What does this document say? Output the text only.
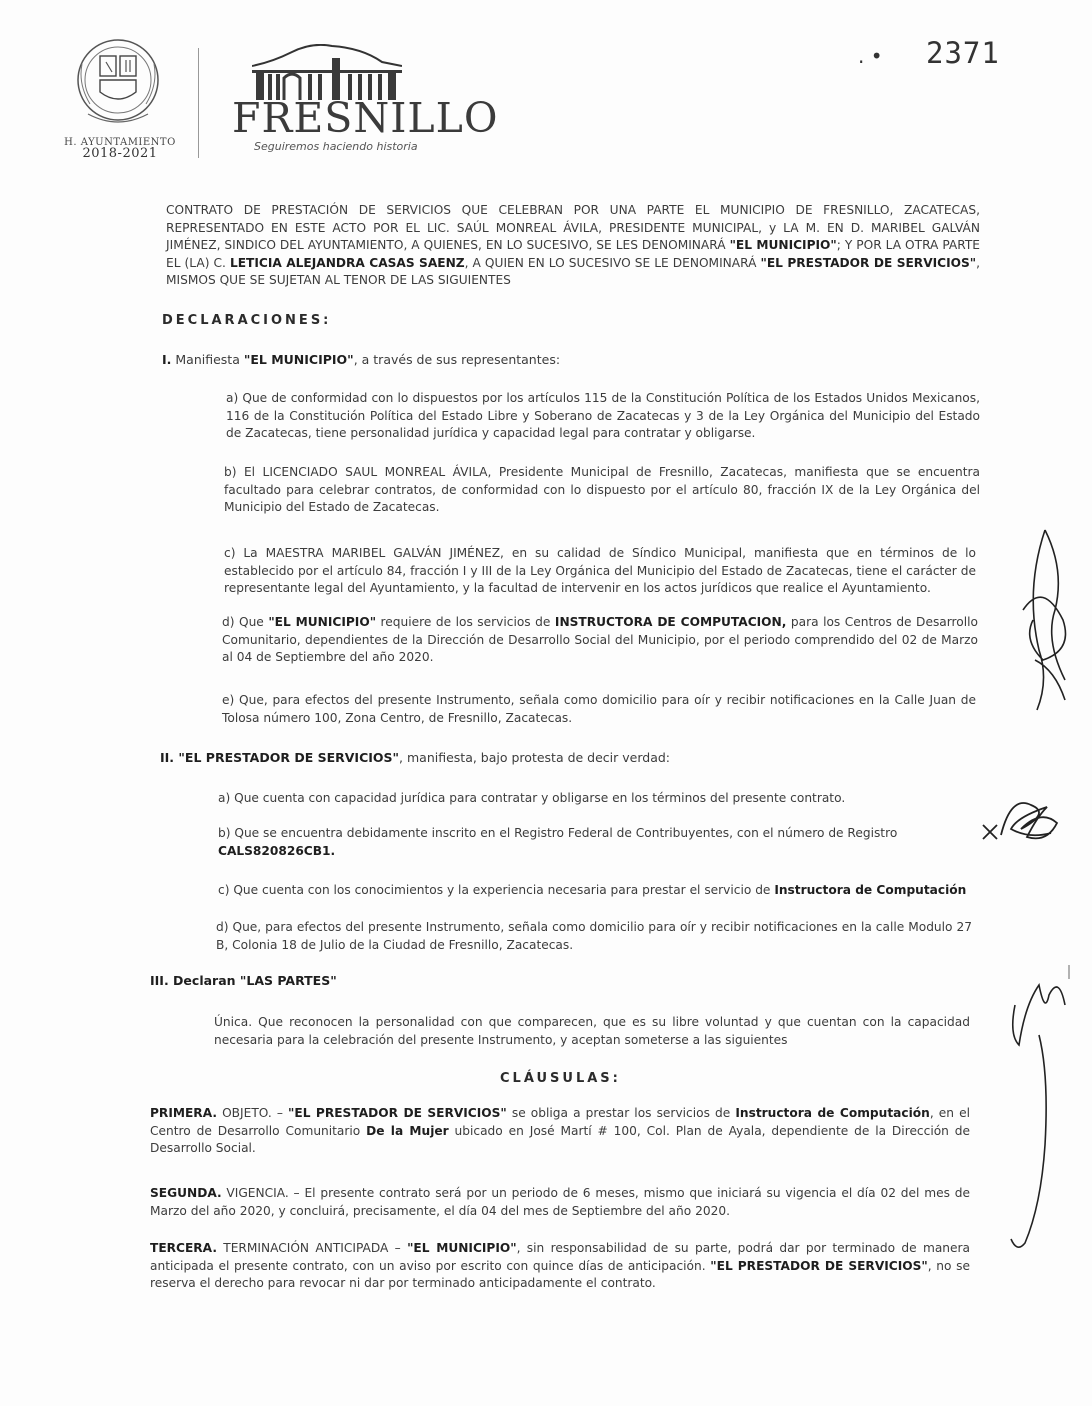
H. AYUNTAMIENTO
2018-2021
FRESNILLO
Seguiremos haciendo historia
. • 2371
CONTRATO DE PRESTACIÓN DE SERVICIOS QUE CELEBRAN POR UNA PARTE EL MUNICIPIO DE FRESNILLO, ZACATECAS, REPRESENTADO EN ESTE ACTO POR EL LIC. SAÚL MONREAL ÁVILA, PRESIDENTE MUNICIPAL, y LA M. EN D. MARIBEL GALVÁN JIMÉNEZ, SINDICO DEL AYUNTAMIENTO, A QUIENES, EN LO SUCESIVO, SE LES DENOMINARÁ "EL MUNICIPIO"; Y POR LA OTRA PARTE EL (LA) C. LETICIA ALEJANDRA CASAS SAENZ, A QUIEN EN LO SUCESIVO SE LE DENOMINARÁ "EL PRESTADOR DE SERVICIOS", MISMOS QUE SE SUJETAN AL TENOR DE LAS SIGUIENTES
DECLARACIONES:
I. Manifiesta "EL MUNICIPIO", a través de sus representantes:
a) Que de conformidad con lo dispuestos por los artículos 115 de la Constitución Política de los Estados Unidos Mexicanos, 116 de la Constitución Política del Estado Libre y Soberano de Zacatecas y 3 de la Ley Orgánica del Municipio del Estado de Zacatecas, tiene personalidad jurídica y capacidad legal para contratar y obligarse.
b) El LICENCIADO SAUL MONREAL ÁVILA, Presidente Municipal de Fresnillo, Zacatecas, manifiesta que se encuentra facultado para celebrar contratos, de conformidad con lo dispuesto por el artículo 80, fracción IX de la Ley Orgánica del Municipio del Estado de Zacatecas.
c) La MAESTRA MARIBEL GALVÁN JIMÉNEZ, en su calidad de Síndico Municipal, manifiesta que en términos de lo establecido por el artículo 84, fracción I y III de la Ley Orgánica del Municipio del Estado de Zacatecas, tiene el carácter de representante legal del Ayuntamiento, y la facultad de intervenir en los actos jurídicos que realice el Ayuntamiento.
d) Que "EL MUNICIPIO" requiere de los servicios de INSTRUCTORA DE COMPUTACION, para los Centros de Desarrollo Comunitario, dependientes de la Dirección de Desarrollo Social del Municipio, por el periodo comprendido del 02 de Marzo al 04 de Septiembre del año 2020.
e) Que, para efectos del presente Instrumento, señala como domicilio para oír y recibir notificaciones en la Calle Juan de Tolosa número 100, Zona Centro, de Fresnillo, Zacatecas.
II. "EL PRESTADOR DE SERVICIOS", manifiesta, bajo protesta de decir verdad:
a) Que cuenta con capacidad jurídica para contratar y obligarse en los términos del presente contrato.
b) Que se encuentra debidamente inscrito en el Registro Federal de Contribuyentes, con el número de Registro
CALS820826CB1.
c) Que cuenta con los conocimientos y la experiencia necesaria para prestar el servicio de Instructora de Computación
d) Que, para efectos del presente Instrumento, señala como domicilio para oír y recibir notificaciones en la calle Modulo 27 B, Colonia 18 de Julio de la Ciudad de Fresnillo, Zacatecas.
III. Declaran "LAS PARTES"
Única. Que reconocen la personalidad con que comparecen, que es su libre voluntad y que cuentan con la capacidad necesaria para la celebración del presente Instrumento, y aceptan someterse a las siguientes
CLÁUSULAS:
PRIMERA. OBJETO. – "EL PRESTADOR DE SERVICIOS" se obliga a prestar los servicios de Instructora de Computación, en el Centro de Desarrollo Comunitario De la Mujer ubicado en José Martí # 100, Col. Plan de Ayala, dependiente de la Dirección de Desarrollo Social.
SEGUNDA. VIGENCIA. – El presente contrato será por un periodo de 6 meses, mismo que iniciará su vigencia el día 02 del mes de Marzo del año 2020, y concluirá, precisamente, el día 04 del mes de Septiembre del año 2020.
TERCERA. TERMINACIÓN ANTICIPADA – "EL MUNICIPIO", sin responsabilidad de su parte, podrá dar por terminado de manera anticipada el presente contrato, con un aviso por escrito con quince días de anticipación. "EL PRESTADOR DE SERVICIOS", no se reserva el derecho para revocar ni dar por terminado anticipadamente el contrato.
